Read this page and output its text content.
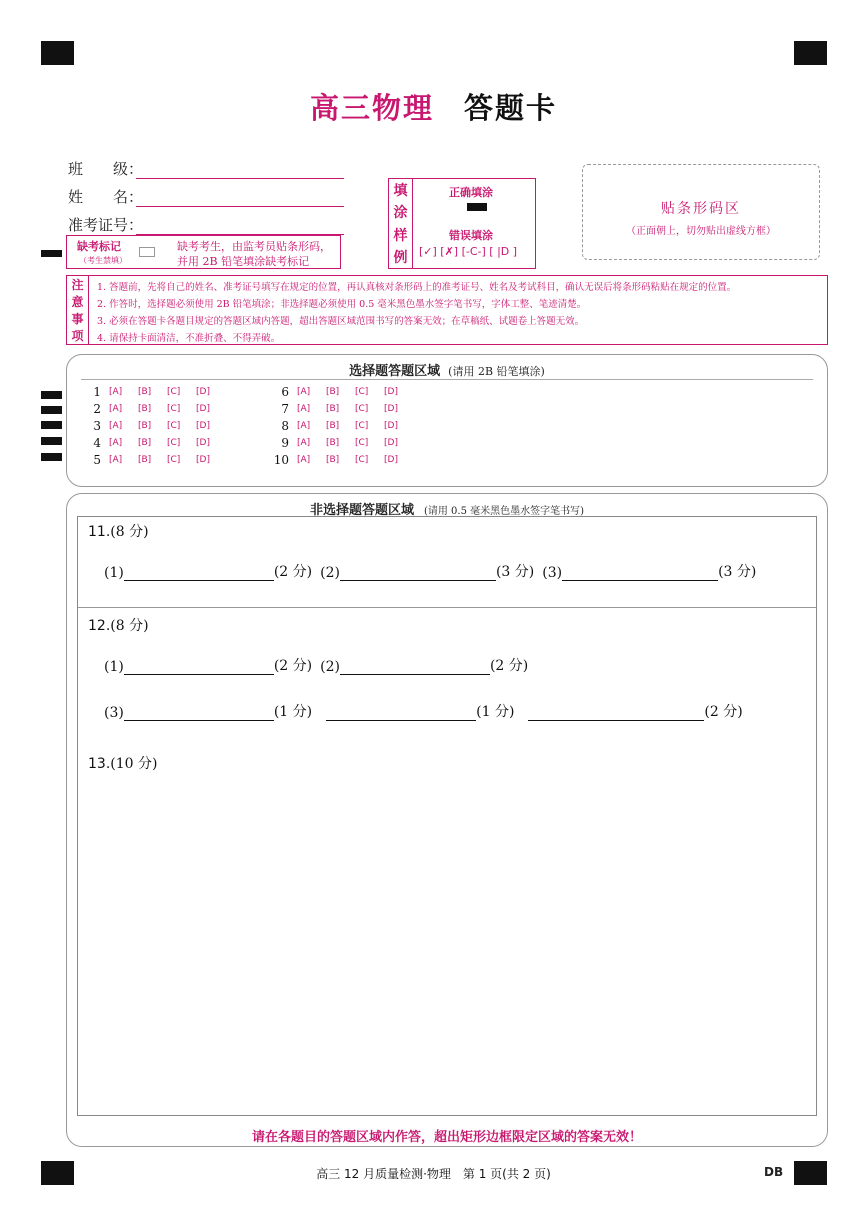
高三物理 答题卡
班　　级：
姓　　名：
准考证号：
缺考标记
（考生禁填）
缺考考生，由监考员贴条形码，
并用 2B 铅笔填涂缺考标记
填
涂
样
例
正确填涂
错误填涂
[✓] [✗] [-C-] [ |D ]
贴条形码区
（正面朝上，切勿贴出虚线方框）
注
意
事
项
1. 答题前，先将自己的姓名、准考证号填写在规定的位置，再认真核对条形码上的准考证号、姓名及考试科目，确认无误后将条形码粘贴在规定的位置。
2. 作答时，选择题必须使用 2B 铅笔填涂；非选择题必须使用 0.5 毫米黑色墨水签字笔书写，字体工整、笔迹清楚。
3. 必须在答题卡各题目规定的答题区域内答题，超出答题区域范围书写的答案无效；在草稿纸、试题卷上答题无效。
4. 请保持卡面清洁，不准折叠、不得弄破。
选择题答题区域 (请用 2B 铅笔填涂)
1 [A]	[B]	[C]	[D]
2 [A]	[B]	[C]	[D]
3 [A]	[B]	[C]	[D]
4 [A]	[B]	[C]	[D]
5 [A]	[B]	[C]	[D]
6 [A]	[B]	[C]	[D]
7 [A]	[B]	[C]	[D]
8 [A]	[B]	[C]	[D]
9 [A]	[B]	[C]	[D]
10 [A]	[B]	[C]	[D]
非选择题答题区域 (请用 0.5 毫米黑色墨水签字笔书写)
11.(8 分)
(1)	(2 分) (2)	(3 分) (3)	(3 分)
12.(8 分)
(1)	(2 分) (2)	(2 分)
(3)	(1 分)	(1 分)	(2 分)
13.(10 分)
请在各题目的答题区域内作答，超出矩形边框限定区域的答案无效！
高三 12 月质量检测·物理　第 1 页(共 2 页)	DB
